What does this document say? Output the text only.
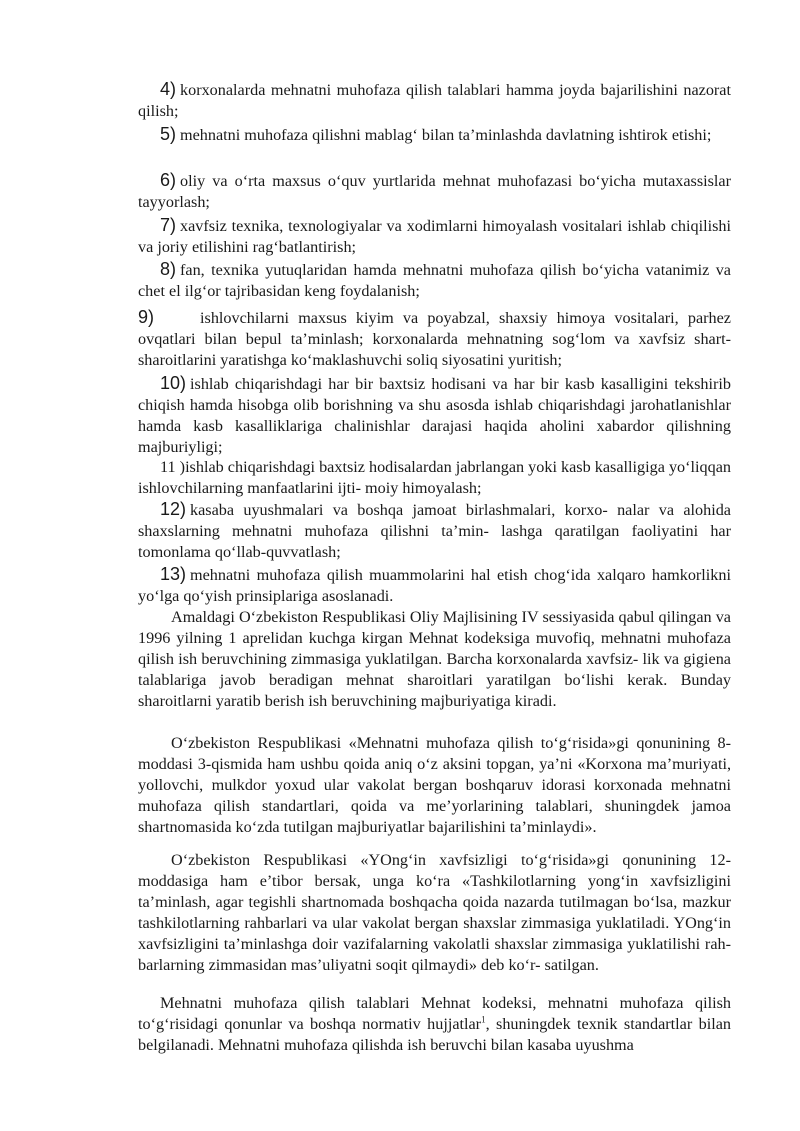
4) korxonalarda mehnatni muhofaza qilish talablari hamma joyda bajarilishini nazorat qilish;

5) mehnatni muhofaza qilishni mablag‘ bilan ta’minlashda davlatning ishtirok etishi;

6) oliy va o‘rta maxsus o‘quv yurtlarida mehnat muhofazasi bo‘yicha mutaxassislar tayyorlash;

7) xavfsiz texnika, texnologiyalar va xodimlarni himoyalash vositalari ishlab chiqilishi va joriy etilishini rag‘batlantirish;

8) fan, texnika yutuqlaridan hamda mehnatni muhofaza qilish bo‘yicha vatanimiz va chet el ilg‘or tajribasidan keng foydalanish;

9)	ishlovchilarni maxsus kiyim va poyabzal, shaxsiy himoya vositalari, parhez ovqatlari bilan bepul ta’minlash; korxonalarda mehnatning sog‘lom va xavfsiz shart-sharoitlarini yaratishga ko‘maklashuvchi soliq siyosatini yuritish;

10) ishlab chiqarishdagi har bir baxtsiz hodisani va har bir kasb kasalligini tekshirib chiqish hamda hisobga olib borishning va shu asosda ishlab chiqarishdagi jarohatlanishlar hamda kasb kasalliklariga chalinishlar darajasi haqida aholini xabardor qilishning majburiyligi;

11 )ishlab chiqarishdagi baxtsiz hodisalardan jabrlangan yoki kasb kasalligiga yo‘liqqan ishlovchilarning manfaatlarini ijti- moiy himoyalash;

12) kasaba uyushmalari va boshqa jamoat birlashmalari, korxo- nalar va alohida shaxslarning mehnatni muhofaza qilishni ta’min- lashga qaratilgan faoliyatini har tomonlama qo‘llab-quvvatlash;

13) mehnatni muhofaza qilish muammolarini hal etish chog‘ida xalqaro hamkorlikni yo‘lga qo‘yish prinsiplariga asoslanadi.

Amaldagi O‘zbekiston Respublikasi Oliy Majlisining IV sessiyasida qabul qilingan va 1996 yilning 1 aprelidan kuchga kirgan Mehnat kodeksiga muvofiq, mehnatni muhofaza qilish ish beruvchining zimmasiga yuklatilgan. Barcha korxonalarda xavfsiz- lik va gigiena talablariga javob beradigan mehnat sharoitlari yaratilgan bo‘lishi kerak. Bunday sharoitlarni yaratib berish ish beruvchining majburiyatiga kiradi.

O‘zbekiston Respublikasi «Mehnatni muhofaza qilish to‘g‘risida»gi qonunining 8-moddasi 3-qismida ham ushbu qoida aniq o‘z aksini topgan, ya’ni «Korxona ma’muriyati, yollovchi, mulkdor yoxud ular vakolat bergan boshqaruv idorasi korxonada mehnatni muhofaza qilish standartlari, qoida va me’yorlarining talablari, shuningdek jamoa shartnomasida ko‘zda tutilgan majburiyatlar bajarilishini ta’minlaydi».

O‘zbekiston Respublikasi «YOng‘in xavfsizligi to‘g‘risida»gi qonunining 12-moddasiga ham e’tibor bersak, unga ko‘ra «Tashkilotlarning yong‘in xavfsizligini ta’minlash, agar tegishli shartnomada boshqacha qoida nazarda tutilmagan bo‘lsa, mazkur tashkilotlarning rahbarlari va ular vakolat bergan shaxslar zimmasiga yuklatiladi. YOng‘in xavfsizligini ta’minlashga doir vazifalarning vakolatli shaxslar zimmasiga yuklatilishi rah- barlarning zimmasidan mas’uliyatni soqit qilmaydi» deb ko‘r- satilgan.

Mehnatni muhofaza qilish talablari Mehnat kodeksi, mehnatni muhofaza qilish to‘g‘risidagi qonunlar va boshqa normativ hujjatlar$^1$, shuningdek texnik standartlar bilan belgilanadi. Mehnatni muhofaza qilishda ish beruvchi bilan kasaba uyushma
